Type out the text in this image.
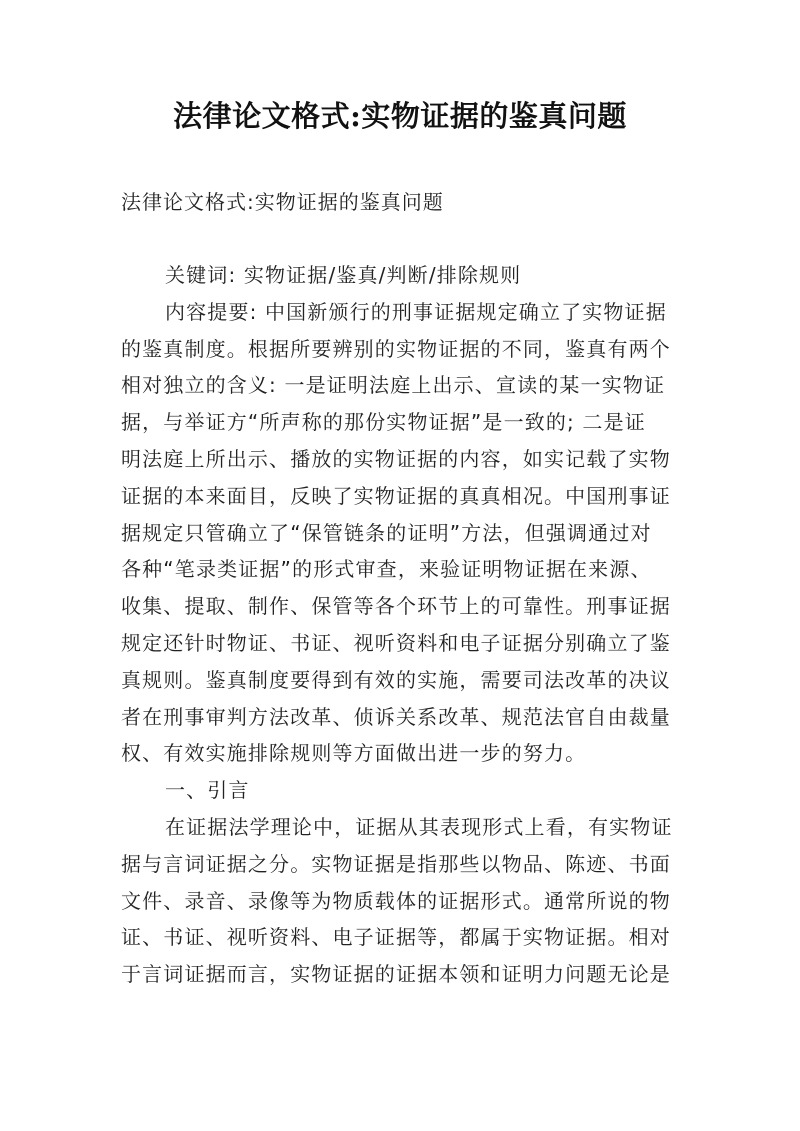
法律论文格式:实物证据的鉴真问题
法律论文格式:实物证据的鉴真问题
关键词: 实物证据/鉴真/判断/排除规则
内容提要: 中国新颁行的刑事证据规定确立了实物证据
的鉴真制度。根据所要辨别的实物证据的不同，鉴真有两个
相对独立的含义: 一是证明法庭上出示、宣读的某一实物证
据，与举证方“所声称的那份实物证据”是一致的; 二是证
明法庭上所出示、播放的实物证据的内容，如实记载了实物
证据的本来面目，反映了实物证据的真真相况。中国刑事证
据规定只管确立了“保管链条的证明”方法，但强调通过对
各种“笔录类证据”的形式审查，来验证明物证据在来源、
收集、提取、制作、保管等各个环节上的可靠性。刑事证据
规定还针时物证、书证、视听资料和电子证据分别确立了鉴
真规则。鉴真制度要得到有效的实施，需要司法改革的决议
者在刑事审判方法改革、侦诉关系改革、规范法官自由裁量
权、有效实施排除规则等方面做出进一步的努力。
一、引言
在证据法学理论中，证据从其表现形式上看，有实物证
据与言词证据之分。实物证据是指那些以物品、陈迹、书面
文件、录音、录像等为物质载体的证据形式。通常所说的物
证、书证、视听资料、电子证据等，都属于实物证据。相对
于言词证据而言，实物证据的证据本领和证明力问题无论是
